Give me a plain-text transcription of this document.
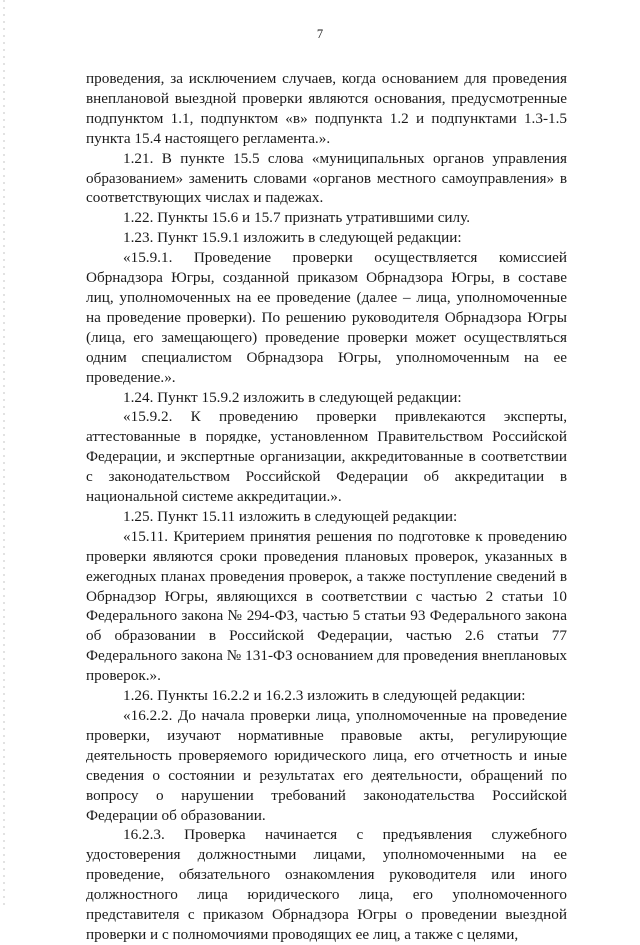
7

проведения, за исключением случаев, когда основанием для проведения внеплановой выездной проверки являются основания, предусмотренные подпунктом 1.1, подпунктом «в» подпункта 1.2 и подпунктами 1.3-1.5 пункта 15.4 настоящего регламента.».

1.21. В пункте 15.5 слова «муниципальных органов управления образованием» заменить словами «органов местного самоуправления» в соответствующих числах и падежах.

1.22. Пункты 15.6 и 15.7 признать утратившими силу.

1.23. Пункт 15.9.1 изложить в следующей редакции:

«15.9.1. Проведение проверки осуществляется комиссией Обрнадзора Югры, созданной приказом Обрнадзора Югры, в составе лиц, уполномоченных на ее проведение (далее – лица, уполномоченные на проведение проверки). По решению руководителя Обрнадзора Югры (лица, его замещающего) проведение проверки может осуществляться одним специалистом Обрнадзора Югры, уполномоченным на ее проведение.».

1.24. Пункт 15.9.2 изложить в следующей редакции:

«15.9.2. К проведению проверки привлекаются эксперты, аттестованные в порядке, установленном Правительством Российской Федерации, и экспертные организации, аккредитованные в соответствии с законодательством Российской Федерации об аккредитации в национальной системе аккредитации.».

1.25. Пункт 15.11 изложить в следующей редакции:

«15.11. Критерием принятия решения по подготовке к проведению проверки являются сроки проведения плановых проверок, указанных в ежегодных планах проведения проверок, а также поступление сведений в Обрнадзор Югры, являющихся в соответствии с частью 2 статьи 10 Федерального закона № 294-ФЗ, частью 5 статьи 93 Федерального закона об образовании в Российской Федерации, частью 2.6 статьи 77 Федерального закона № 131-ФЗ основанием для проведения внеплановых проверок.».

1.26. Пункты 16.2.2 и 16.2.3 изложить в следующей редакции:

«16.2.2. До начала проверки лица, уполномоченные на проведение проверки, изучают нормативные правовые акты, регулирующие деятельность проверяемого юридического лица, его отчетность и иные сведения о состоянии и результатах его деятельности, обращений по вопросу о нарушении требований законодательства Российской Федерации об образовании.

16.2.3. Проверка начинается с предъявления служебного удостоверения должностными лицами, уполномоченными на ее проведение, обязательного ознакомления руководителя или иного должностного лица юридического лица, его уполномоченного представителя с приказом Обрнадзора Югры о проведении выездной проверки и с полномочиями проводящих ее лиц, а также с целями,
